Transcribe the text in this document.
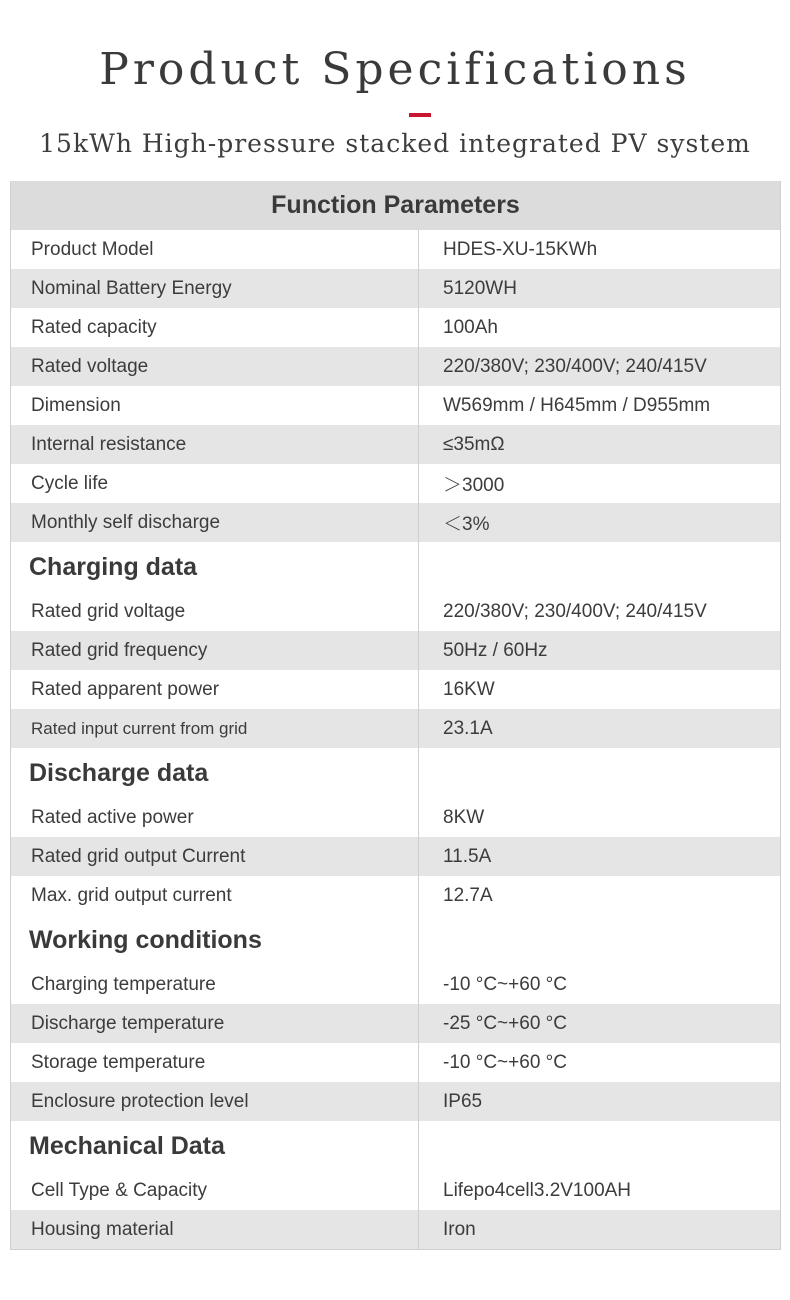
Product Specifications
15kWh High-pressure stacked integrated PV system
Function Parameters
Product Model	HDES-XU-15KWh
Nominal Battery Energy	5120WH
Rated capacity	100Ah
Rated voltage	220/380V; 230/400V; 240/415V
Dimension	W569mm / H645mm / D955mm
Internal resistance	≤35mΩ
Cycle life	＞3000
Monthly self discharge	＜3%
Charging data
Rated grid voltage	220/380V; 230/400V; 240/415V
Rated grid frequency	50Hz / 60Hz
Rated apparent power	16KW
Rated input current from grid	23.1A
Discharge data
Rated active power	8KW
Rated grid output Current	11.5A
Max. grid output current	12.7A
Working conditions
Charging temperature	-10 °C~+60 °C
Discharge temperature	-25 °C~+60 °C
Storage temperature	-10 °C~+60 °C
Enclosure protection level	IP65
Mechanical Data
Cell Type & Capacity	Lifepo4cell3.2V100AH
Housing material	Iron
